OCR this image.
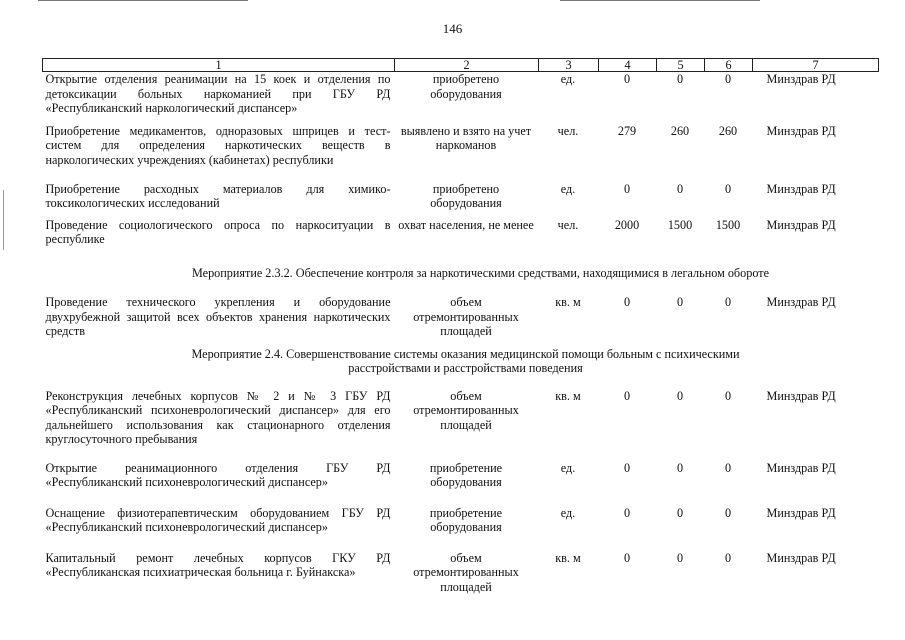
146
1	2	3	4	5	6	7
Открытие отделения реанимации на 15 коек и отделения по детоксикации больных наркоманией при ГБУ РД «Республиканский наркологический диспансер»	приобретено оборудования	ед.	0	0	0	Минздрав РД
Приобретение медикаментов, одноразовых шприцев и тест-систем для определения наркотических веществ в наркологических учреждениях (кабинетах) республики	выявлено и взято на учет наркоманов	чел.	279	260	260	Минздрав РД
Приобретение расходных материалов для химико-токсикологических исследований	приобретено оборудования	ед.	0	0	0	Минздрав РД
Проведение социологического опроса по наркоситуации в республике	охват населения, не менее	чел.	2000	1500	1500	Минздрав РД
Мероприятие 2.3.2. Обеспечение контроля за наркотическими средствами, находящимися в легальном обороте						
Проведение технического укрепления и оборудование двухрубежной защитой всех объектов хранения наркотических средств	объем отремонтированных площадей	кв. м	0	0	0	Минздрав РД
Мероприятие 2.4. Совершенствование системы оказания медицинской помощи больным с психическими расстройствами и расстройствами поведения						
Реконструкция лечебных корпусов № 2 и № 3 ГБУ РД «Республиканский психоневрологический диспансер» для его дальнейшего использования как стационарного отделения круглосуточного пребывания	объем отремонтированных площадей	кв. м	0	0	0	Минздрав РД
Открытие реанимационного отделения ГБУ РД «Республиканский психоневрологический диспансер»	приобретение оборудования	ед.	0	0	0	Минздрав РД
Оснащение физиотерапевтическим оборудованием ГБУ РД «Республиканский психоневрологический диспансер»	приобретение оборудования	ед.	0	0	0	Минздрав РД
Капитальный ремонт лечебных корпусов ГКУ РД «Республиканская психиатрическая больница г. Буйнакска»	объем отремонтированных площадей	кв. м	0	0	0	Минздрав РД
